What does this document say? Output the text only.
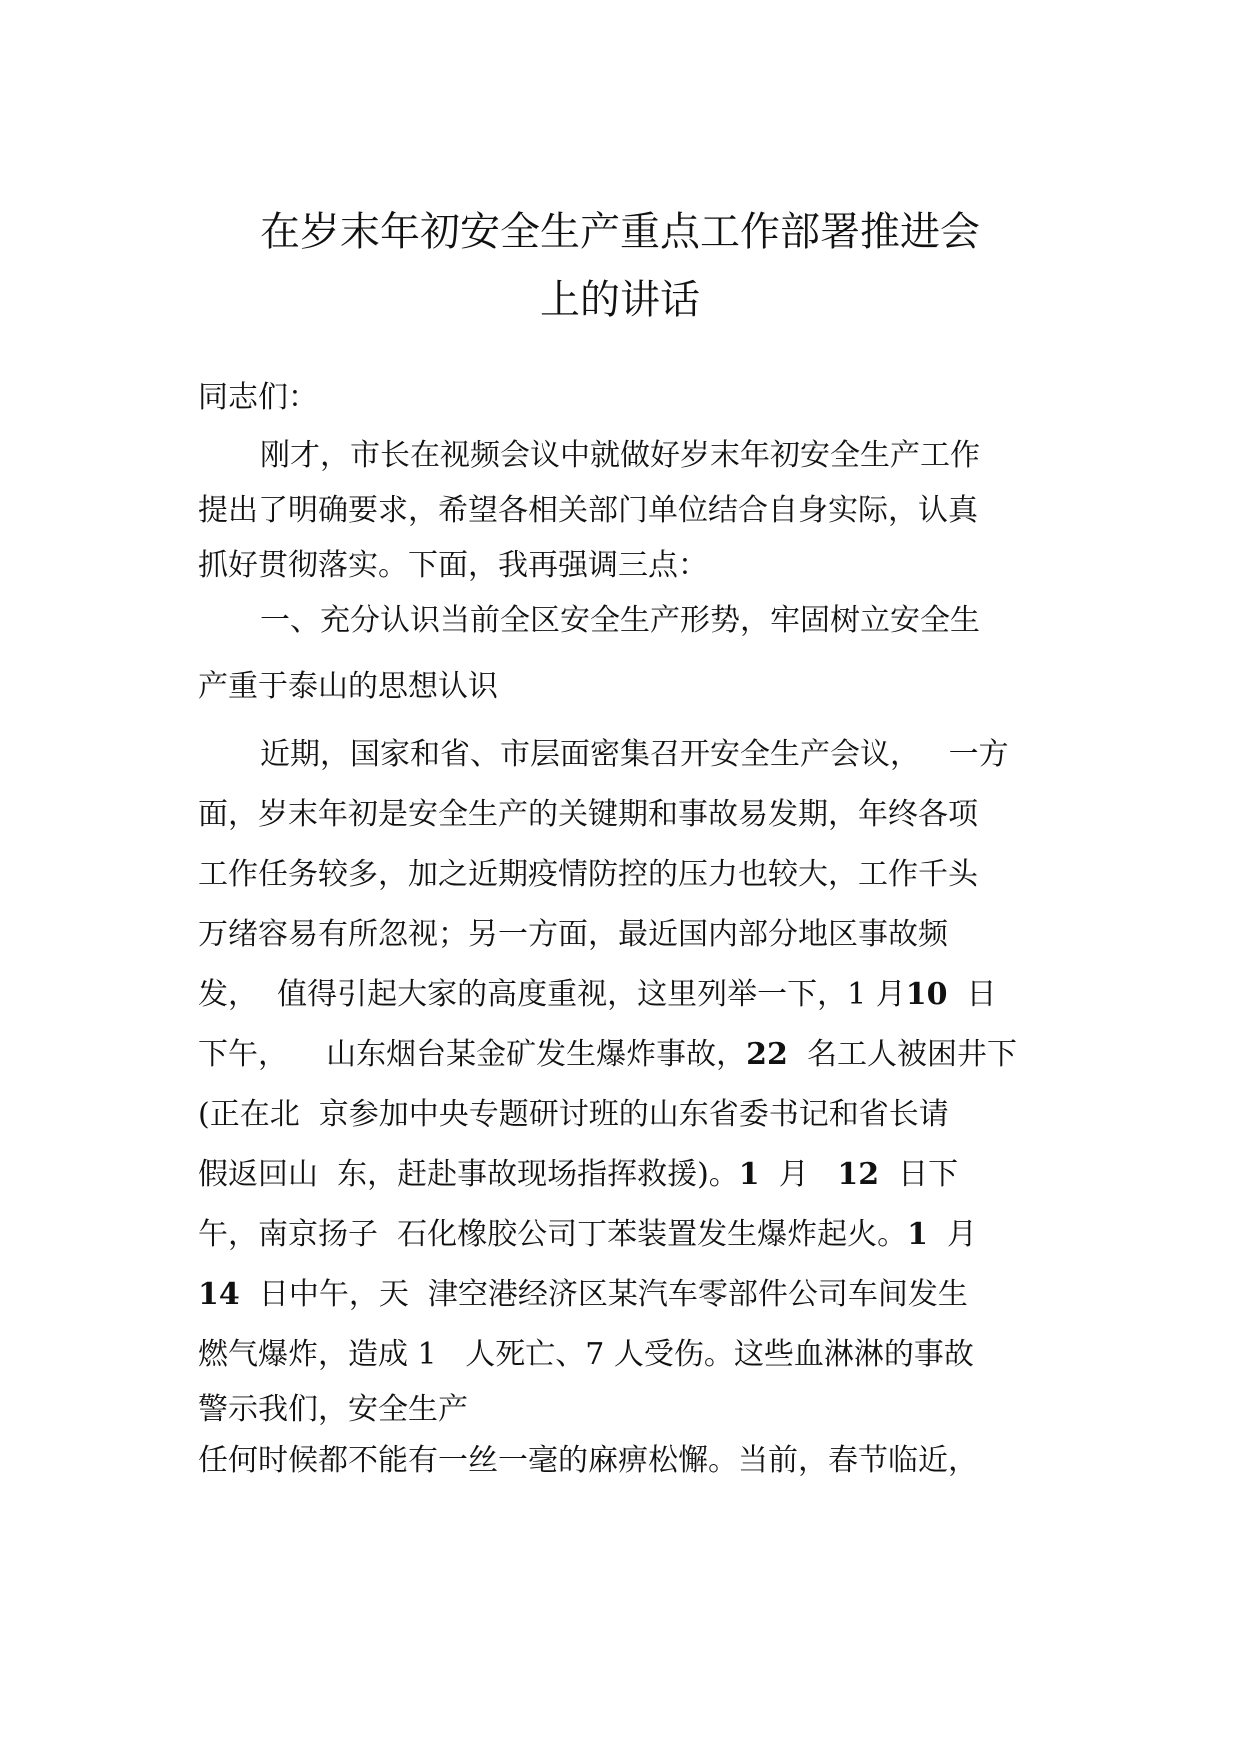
在岁末年初安全生产重点工作部署推进会
上的讲话
同志们：
刚才，市长在视频会议中就做好岁末年初安全生产工作
提出了明确要求，希望各相关部门单位结合自身实际，认真
抓好贯彻落实。下面，我再强调三点：
一、充分认识当前全区安全生产形势，牢固树立安全生
产重于泰山的思想认识
近期，国家和省、市层面密集召开安全生产会议，   一方
面，岁末年初是安全生产的关键期和事故易发期，年终各项
工作任务较多，加之近期疫情防控的压力也较大，工作千头
万绪容易有所忽视；另一方面，最近国内部分地区事故频
发，  值得引起大家的高度重视，这里列举一下，1 月10  日
下午，    山东烟台某金矿发生爆炸事故，22  名工人被困井下
(正在北  京参加中央专题研讨班的山东省委书记和省长请
假返回山  东，赶赴事故现场指挥救援)。1  月   12  日下
午，南京扬子  石化橡胶公司丁苯装置发生爆炸起火。1  月
14  日中午，天  津空港经济区某汽车零部件公司车间发生
燃气爆炸，造成 1   人死亡、7 人受伤。这些血淋淋的事故
警示我们，安全生产
任何时候都不能有一丝一毫的麻痹松懈。当前，春节临近，
